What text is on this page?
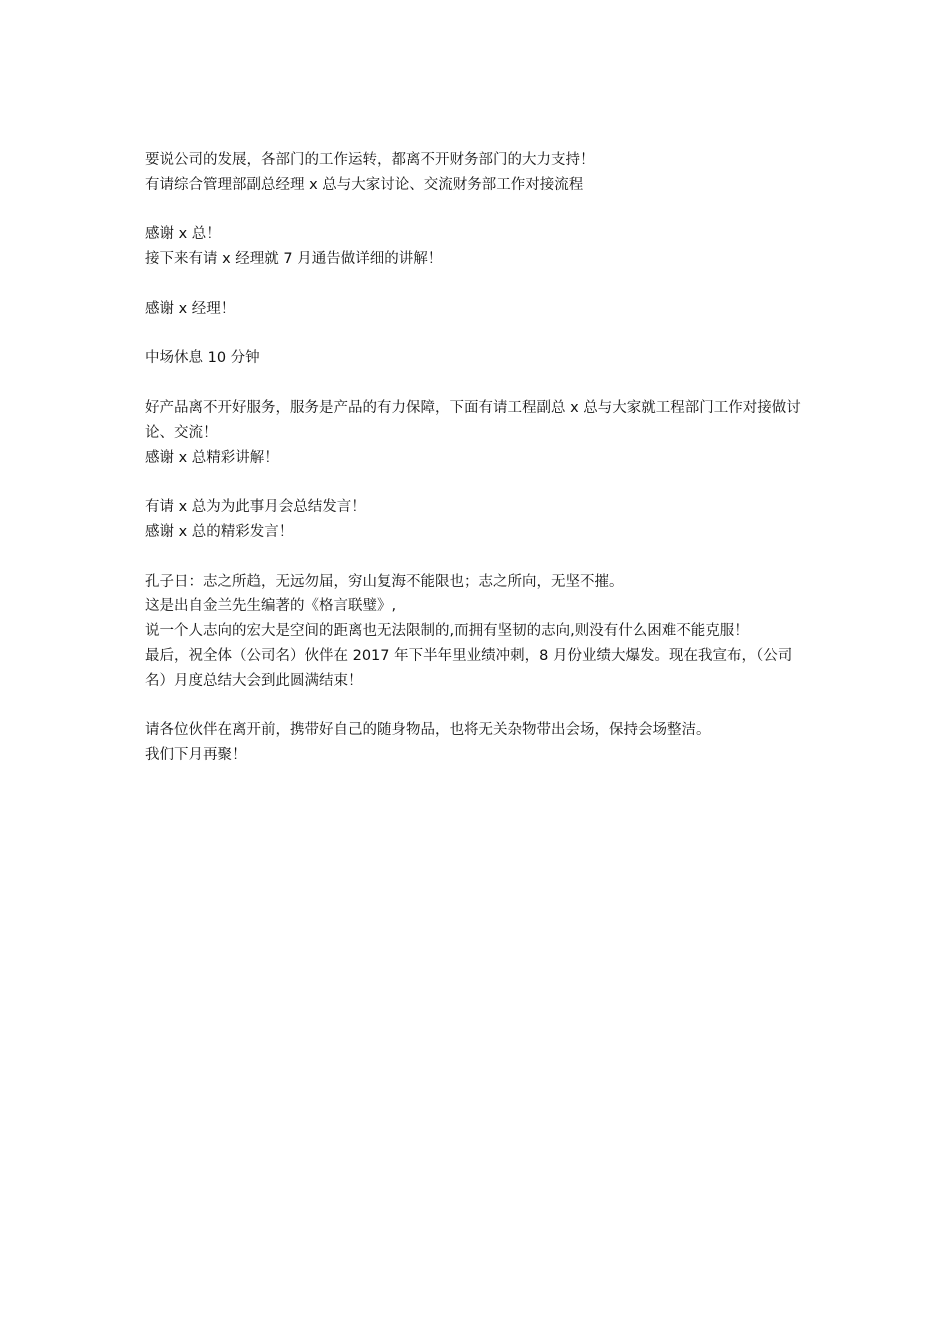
要说公司的发展，各部门的工作运转，都离不开财务部门的大力支持！
有请综合管理部副总经理 x 总与大家讨论、交流财务部工作对接流程

感谢 x 总！
接下来有请 x 经理就 7 月通告做详细的讲解！

感谢 x 经理！

中场休息 10 分钟

好产品离不开好服务，服务是产品的有力保障，下面有请工程副总 x 总与大家就工程部门工作对接做讨论、交流！
感谢 x 总精彩讲解！

有请 x 总为为此事月会总结发言！
感谢 x 总的精彩发言！

孔子日：志之所趋，无远勿届，穷山复海不能限也；志之所向，无坚不摧。
这是出自金兰先生编著的《格言联璧》,
说一个人志向的宏大是空间的距离也无法限制的,而拥有坚韧的志向,则没有什么困难不能克服！
最后，祝全体（公司名）伙伴在 2017 年下半年里业绩冲刺，8 月份业绩大爆发。现在我宣布，（公司名）月度总结大会到此圆满结束！

请各位伙伴在离开前，携带好自己的随身物品，也将无关杂物带出会场，保持会场整洁。
我们下月再聚！
